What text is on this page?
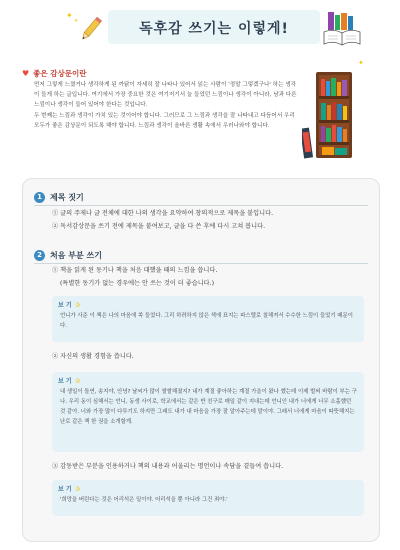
✦
✦	독후감 쓰기는 이렇게!
✦
♥ 좋은 감상문이란

먼저 그렇게 느꼈거나 생각하게 된 까닭이 자세히 잘 나타나 있어서 읽는 사람이 '정말 그렇겠구나' 하는 생각이 들게 하는 글입니다. 여기에서 가장 중요한 것은 여기저기서 늘 들었던 느낌이나 생각이 아니라, 남과 다른 느낌이나 생각이 들어 있어야 한다는 것입니다.

두 번째는 느낌과 생각이 가치 있는 것이어야 합니다. 그러므로 그 느낌과 생각을 잘 나타내고 다듬어서 우리 모두가 좋은 감상문이 되도록 해야 합니다. 느낌과 생각이 올바른 생활 속에서 우러나와야 합니다.

1	제목 짓기
① 글의 주제나 글 전체에 대한 나의 생각을 요약하여 창의적으로 제목을 붙입니다.
② 독서감상문을 쓰기 전에 제목을 붙여보고, 글을 다 쓴 후에 다시 고쳐 봅니다.
2	처음 부분 쓰기
① 책을 읽게 된 동기나 책을 처음 대했을 때의 느낌을 씁니다.
(특별한 동기가 없는 경우에는 안 쓰는 것이 더 좋습니다.)
보 기 ✰
언니가 사준 이 책은 나의 마음에 쏙 들었다. 그리 하려하지 않은 색에 표지는 파스텔로 칠해져서 수수한 느낌이 들었기 때문이다.
② 자신의 생활 경험을 씁니다.
보 기 ✰
내 생일이 돌연, 송지야, 안녕? 날씨가 많이 쌀쌀해졌지? 내가 계절 좋아하는 계절 가을이 왔나 했는데 이제 벌써 바람이 부는 구나. 우리 동이 심해서는 언니, 동생 사이로, 학교에서는 같은 반 친구로 매일 같이 지내는데 언니인 내가 너에게 너무 소홀했던 것 같아. 너와 가장 많이 다투기도 하지만 그래도 내가 내 마음을 가장 잘 알아주는데 말이야. 그래서 너에게 마음이 따뜻해지는 난로 같은 책 한 권을 소개할게.
③ 감동받은 부분을 인용하거나 책의 내용과 어울리는 명언이나 속담을 곁들여 씁니다.
보 기 ✰
'희망을 버린다는 것은 어리석은 일이야. 어리석을 뿐 아니라 그건 죄야.'
